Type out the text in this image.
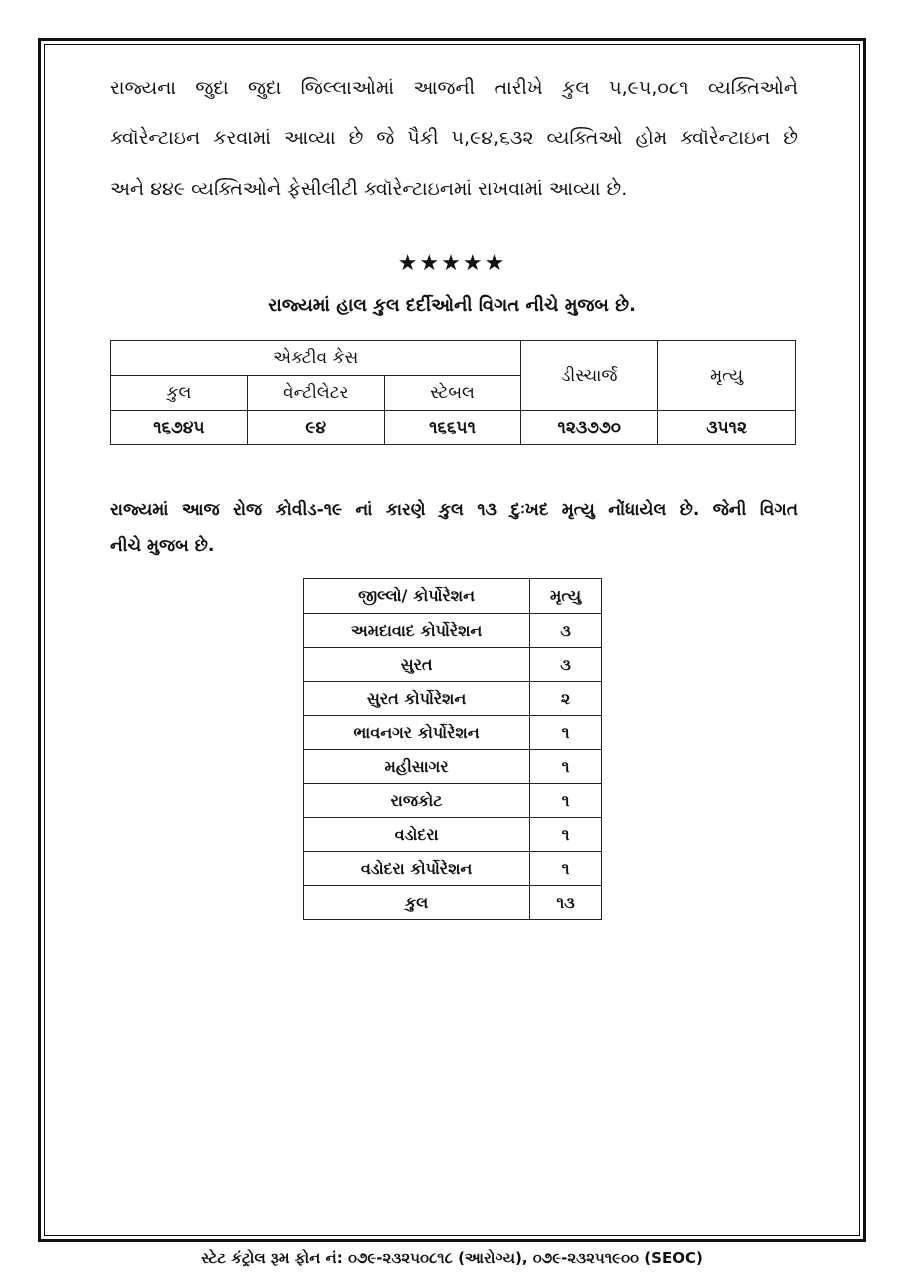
રાજ્યના જુદા જુદા જિલ્લાઓમાં આજની તારીખે કુલ ૫,૯૫,૦૮૧ વ્યક્તિઓને
ક્વૉરેન્ટાઇન કરવામાં આવ્યા છે જે પૈકી ૫,૯૪,૬૩૨ વ્યક્તિઓ હોમ ક્વૉરેન્ટાઇન છે
અને ૪૪૯ વ્યક્તિઓને ફેસીલીટી ક્વૉરેન્ટાઇનમાં રાખવામાં આવ્યા છે.
★★★★★
રાજ્યમાં હાલ કુલ દર્દીઓની વિગત નીચે મુજબ છે.
એક્ટીવ કેસ			ડીસ્ચાર્જ	મૃત્યુ
કુલ	વેન્ટીલેટર	સ્ટેબલ		
૧૬૭૪૫	૯૪	૧૬૬૫૧	૧૨૩૭૭૦	૩૫૧૨
રાજ્યમાં આજ રોજ કોવીડ-૧૯ નાં કારણે કુલ ૧૩ દુઃખદ મૃત્યુ નોંધાયેલ છે. જેની વિગત
નીચે મુજબ છે.
જીલ્લો/ કોર્પોરેશન	મૃત્યુ
અમદાવાદ કોર્પોરેશન	૩
સુરત	૩
સુરત કોર્પોરેશન	૨
ભાવનગર કોર્પોરેશન	૧
મહીસાગર	૧
રાજકોટ	૧
વડોદરા	૧
વડોદરા કોર્પોરેશન	૧
કુલ	૧૩
સ્ટેટ કંટ્રોલ રૂમ ફોન નં: ૦૭૯-૨૩૨૫૦૮૧૮ (આરોગ્ય), ૦૭૯-૨૩૨૫૧૯૦૦ (SEOC)
